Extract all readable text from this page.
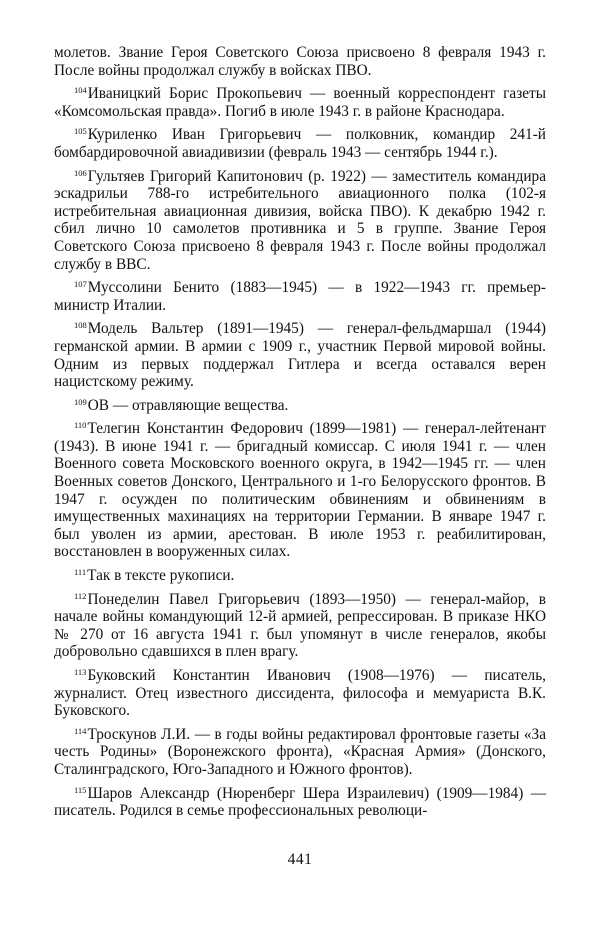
молетов. Звание Героя Советского Союза присвоено 8 февраля 1943 г. После войны продолжал службу в войсках ПВО.

$^{104}$Иваницкий Борис Прокопьевич — военный корреспондент газеты «Комсомольская правда». Погиб в июле 1943 г. в районе Краснодара.

$^{105}$Куриленко Иван Григорьевич — полковник, командир 241-й бомбардировочной авиадивизии (февраль 1943 — сентябрь 1944 г.).

$^{106}$Гультяев Григорий Капитонович (р. 1922) — заместитель командира эскадрильи 788-го истребительного авиационного полка (102-я истребительная авиационная дивизия, войска ПВО). К декабрю 1942 г. сбил лично 10 самолетов противника и 5 в группе. Звание Героя Советского Союза присвоено 8 февраля 1943 г. После войны продолжал службу в ВВС.

$^{107}$Муссолини Бенито (1883—1945) — в 1922—1943 гг. премьер-министр Италии.

$^{108}$Модель Вальтер (1891—1945) — генерал-фельдмаршал (1944) германской армии. В армии с 1909 г., участник Первой мировой войны. Одним из первых поддержал Гитлера и всегда оставался верен нацистскому режиму.

$^{109}$ОВ — отравляющие вещества.

$^{110}$Телегин Константин Федорович (1899—1981) — генерал-лейтенант (1943). В июне 1941 г. — бригадный комиссар. С июля 1941 г. — член Военного совета Московского военного округа, в 1942—1945 гг. — член Военных советов Донского, Центрального и 1-го Белорусского фронтов. В 1947 г. осужден по политическим обвинениям и обвинениям в имущественных махинациях на территории Германии. В январе 1947 г. был уволен из армии, арестован. В июле 1953 г. реабилитирован, восстановлен в вооруженных силах.

$^{111}$Так в тексте рукописи.

$^{112}$Понеделин Павел Григорьевич (1893—1950) — генерал-майор, в начале войны командующий 12-й армией, репрессирован. В приказе НКО № 270 от 16 августа 1941 г. был упомянут в числе генералов, якобы добровольно сдавшихся в плен врагу.

$^{113}$Буковский Константин Иванович (1908—1976) — писатель, журналист. Отец известного диссидента, философа и мемуариста В.К. Буковского.

$^{114}$Троскунов Л.И. — в годы войны редактировал фронтовые газеты «За честь Родины» (Воронежского фронта), «Красная Армия» (Донского, Сталинградского, Юго-Западного и Южного фронтов).

$^{115}$Шаров Александр (Нюренберг Шера Израилевич) (1909—1984) — писатель. Родился в семье профессиональных революци-

441
